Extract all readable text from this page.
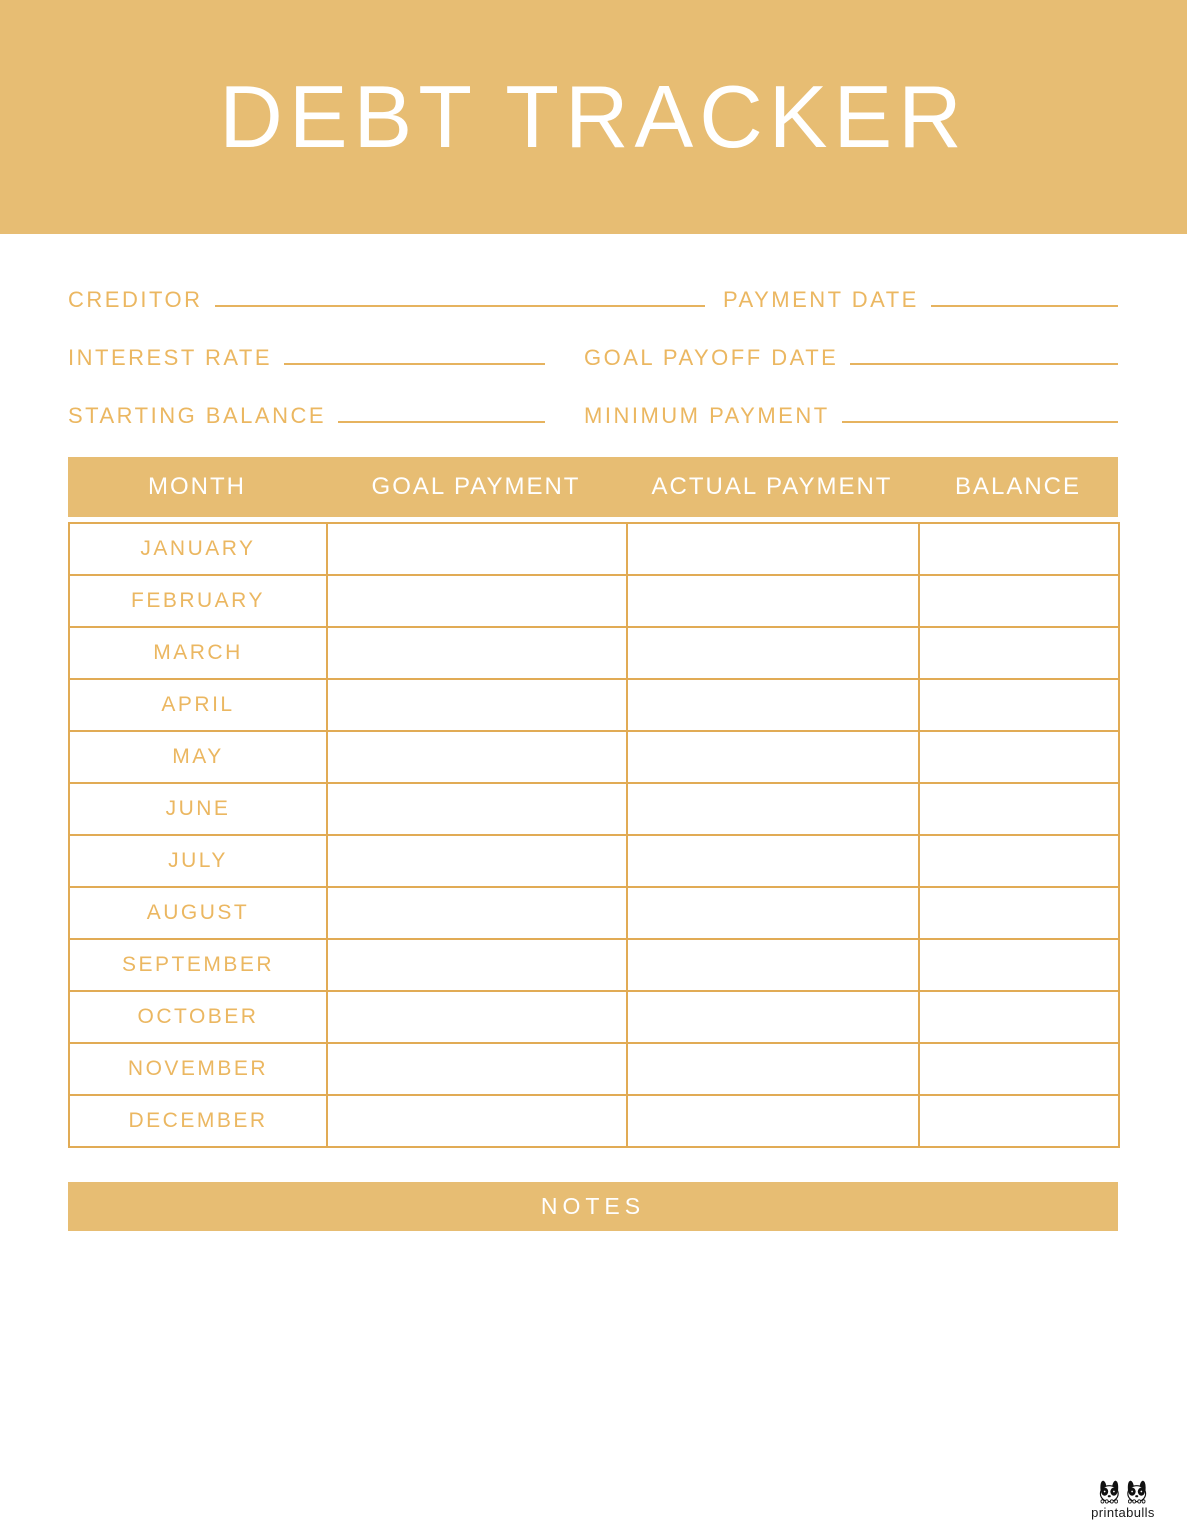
DEBT TRACKER
CREDITOR	PAYMENT DATE
INTEREST RATE	GOAL PAYOFF DATE
STARTING BALANCE	MINIMUM PAYMENT
MONTH	GOAL PAYMENT	ACTUAL PAYMENT	BALANCE
JANUARY			
FEBRUARY			
MARCH			
APRIL			
MAY			
JUNE			
JULY			
AUGUST			
SEPTEMBER			
OCTOBER			
NOVEMBER			
DECEMBER			
NOTES
printabulls
